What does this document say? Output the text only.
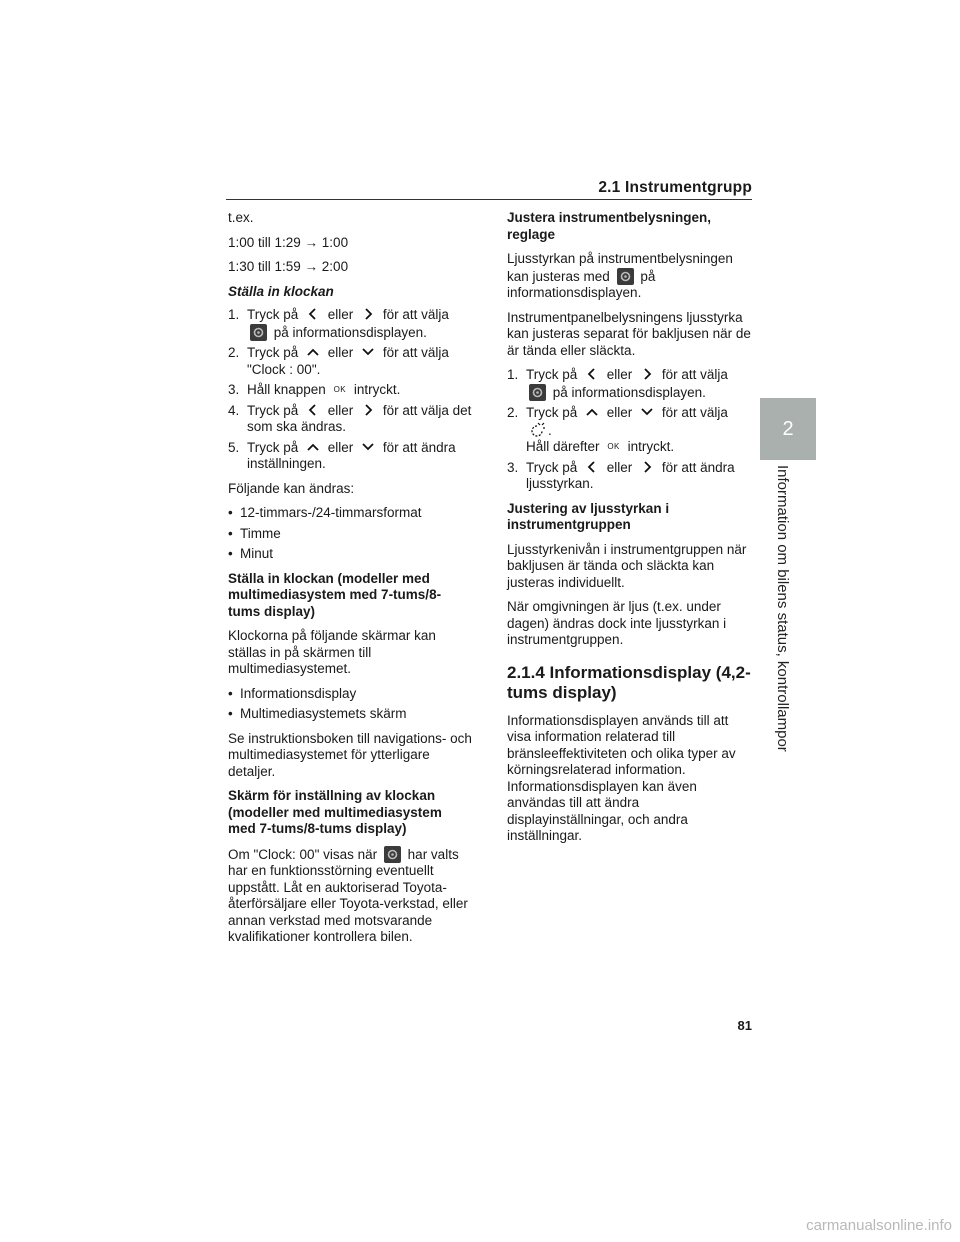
2.1 Instrumentgrupp
2
Information om bilens status, kontrollampor

t.ex.

1:00 till 1:29 → 1:00

1:30 till 1:59 → 2:00

Ställa in klockan

1. Tryck på eller för att välja
på informationsdisplayen.
2. Tryck på eller för att välja "Clock : 00".
3. Håll knappen OK intryckt.
4. Tryck på eller för att välja det som ska ändras.
5. Tryck på eller för att ändra inställningen.

Följande kan ändras:

• 12-timmars-/24-timmarsformat
• Timme
• Minut

Ställa in klockan (modeller med multimediasystem med 7-tums/8-tums display)

Klockorna på följande skärmar kan ställas in på skärmen till multimediasystemet.

• Informationsdisplay
• Multimediasystemets skärm

Se instruktionsboken till navigations- och multimediasystemet för ytterligare detaljer.

Skärm för inställning av klockan (modeller med multimediasystem med 7-tums/8-tums display)

Om "Clock: 00" visas när har valts har en funktionsstörning eventuellt uppstått. Låt en auktoriserad Toyota-återförsäljare eller Toyota-verkstad, eller annan verkstad med motsvarande kvalifikationer kontrollera bilen.

Justera instrumentbelysningen, reglage

Ljusstyrkan på instrumentbelysningen kan justeras med på informationsdisplayen.

Instrumentpanelbelysningens ljusstyrka kan justeras separat för bakljusen när de är tända eller släckta.

1. Tryck på eller för att välja
på informationsdisplayen.
2. Tryck på eller för att välja .
Håll därefter OK intryckt.
3. Tryck på eller för att ändra ljusstyrkan.

Justering av ljusstyrkan i instrumentgruppen

Ljusstyrkenivån i instrumentgruppen när bakljusen är tända och släckta kan justeras individuellt.

När omgivningen är ljus (t.ex. under dagen) ändras dock inte ljusstyrkan i instrumentgruppen.

2.1.4 Informationsdisplay (4,2-tums display)

Informationsdisplayen används till att visa information relaterad till bränsleeffektiviteten och olika typer av körningsrelaterad information. Informationsdisplayen kan även användas till att ändra displayinställningar, och andra inställningar.

81
carmanualsonline.info
